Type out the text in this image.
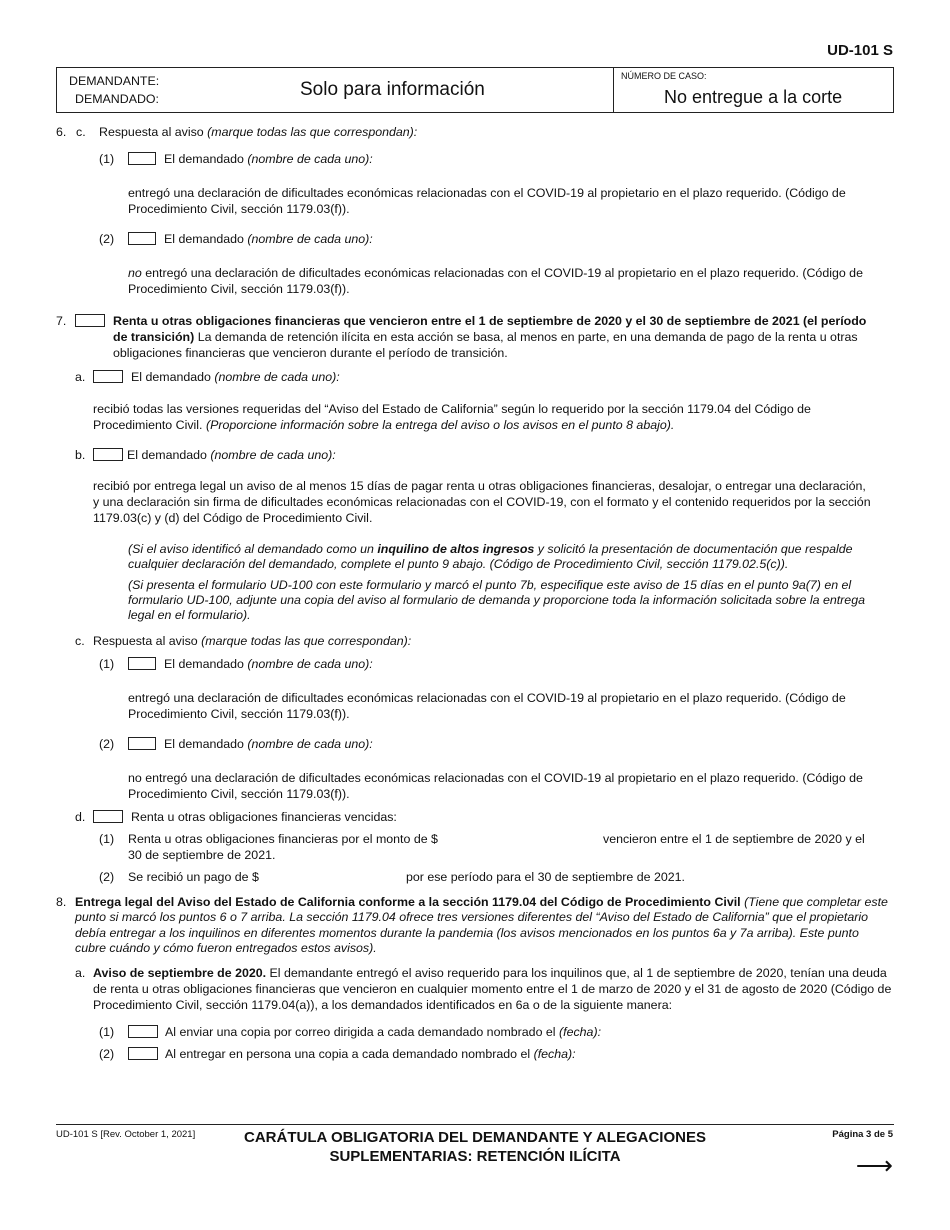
UD-101 S
DEMANDANTE:
DEMANDADO:	Solo para información
NÚMERO DE CASO:
No entregue a la corte
6. c. Respuesta al aviso (marque todas las que correspondan):
(1)	El demandado (nombre de cada uno):
entregó una declaración de dificultades económicas relacionadas con el COVID-19 al propietario en el plazo requerido. (Código de
Procedimiento Civil, sección 1179.03(f)).
(2)	El demandado (nombre de cada uno):
no entregó una declaración de dificultades económicas relacionadas con el COVID-19 al propietario en el plazo requerido. (Código de
Procedimiento Civil, sección 1179.03(f)).
7.	Renta u otras obligaciones financieras que vencieron entre el 1 de septiembre de 2020 y el 30 de septiembre de 2021 (el período
de transición) La demanda de retención ilícita en esta acción se basa, al menos en parte, en una demanda de pago de la renta u otras
obligaciones financieras que vencieron durante el período de transición.
a.	El demandado (nombre de cada uno):
recibió todas las versiones requeridas del “Aviso del Estado de California” según lo requerido por la sección 1179.04 del Código de
Procedimiento Civil. (Proporcione información sobre la entrega del aviso o los avisos en el punto 8 abajo).
b.	El demandado (nombre de cada uno):
recibió por entrega legal un aviso de al menos 15 días de pagar renta u otras obligaciones financieras, desalojar, o entregar una declaración,
y una declaración sin firma de dificultades económicas relacionadas con el COVID-19, con el formato y el contenido requeridos por la sección
1179.03(c) y (d) del Código de Procedimiento Civil.
(Si el aviso identificó al demandado como un inquilino de altos ingresos y solicitó la presentación de documentación que respalde
cualquier declaración del demandado, complete el punto 9 abajo. (Código de Procedimiento Civil, sección 1179.02.5(c)).
(Si presenta el formulario UD-100 con este formulario y marcó el punto 7b, especifique este aviso de 15 días en el punto 9a(7) en el
formulario UD-100, adjunte una copia del aviso al formulario de demanda y proporcione toda la información solicitada sobre la entrega
legal en el formulario).
c. Respuesta al aviso (marque todas las que correspondan):
(1)	El demandado (nombre de cada uno):
entregó una declaración de dificultades económicas relacionadas con el COVID-19 al propietario en el plazo requerido. (Código de
Procedimiento Civil, sección 1179.03(f)).
(2)	El demandado (nombre de cada uno):
no entregó una declaración de dificultades económicas relacionadas con el COVID-19 al propietario en el plazo requerido. (Código de
Procedimiento Civil, sección 1179.03(f)).
d.	Renta u otras obligaciones financieras vencidas:
(1) Renta u otras obligaciones financieras por el monto de $	vencieron entre el 1 de septiembre de 2020 y el
30 de septiembre de 2021.
(2) Se recibió un pago de $	por ese período para el 30 de septiembre de 2021.
8. Entrega legal del Aviso del Estado de California conforme a la sección 1179.04 del Código de Procedimiento Civil (Tiene que completar este
punto si marcó los puntos 6 o 7 arriba. La sección 1179.04 ofrece tres versiones diferentes del “Aviso del Estado de California” que el propietario
debía entregar a los inquilinos en diferentes momentos durante la pandemia (los avisos mencionados en los puntos 6a y 7a arriba). Este punto
cubre cuándo y cómo fueron entregados estos avisos).
a. Aviso de septiembre de 2020. El demandante entregó el aviso requerido para los inquilinos que, al 1 de septiembre de 2020, tenían una deuda
de renta u otras obligaciones financieras que vencieron en cualquier momento entre el 1 de marzo de 2020 y el 31 de agosto de 2020 (Código de
Procedimiento Civil, sección 1179.04(a)), a los demandados identificados en 6a o de la siguiente manera:
(1)	Al enviar una copia por correo dirigida a cada demandado nombrado el (fecha):
(2)	Al entregar en persona una copia a cada demandado nombrado el (fecha):
UD-101 S [Rev. October 1, 2021]	CARÁTULA OBLIGATORIA DEL DEMANDANTE Y ALEGACIONES
SUPLEMENTARIAS: RETENCIÓN ILÍCITA
Página 3 de 5
⟶
